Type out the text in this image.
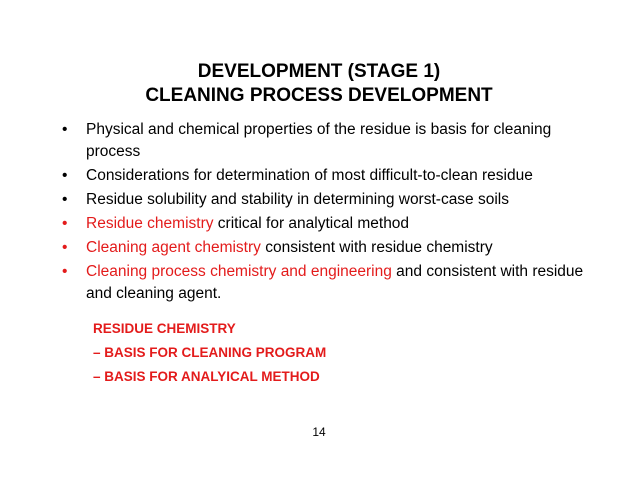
DEVELOPMENT (STAGE 1)
CLEANING PROCESS DEVELOPMENT
•	Physical and chemical properties of the residue is basis for cleaning process
•	Considerations for determination of most difficult-to-clean residue
•	Residue solubility and stability in determining worst-case soils
•	Residue chemistry critical for analytical method
•	Cleaning agent chemistry consistent with residue chemistry
•	Cleaning process chemistry and engineering and consistent with residue and cleaning agent.
RESIDUE CHEMISTRY
– BASIS FOR CLEANING PROGRAM
– BASIS FOR ANALYICAL METHOD
14
